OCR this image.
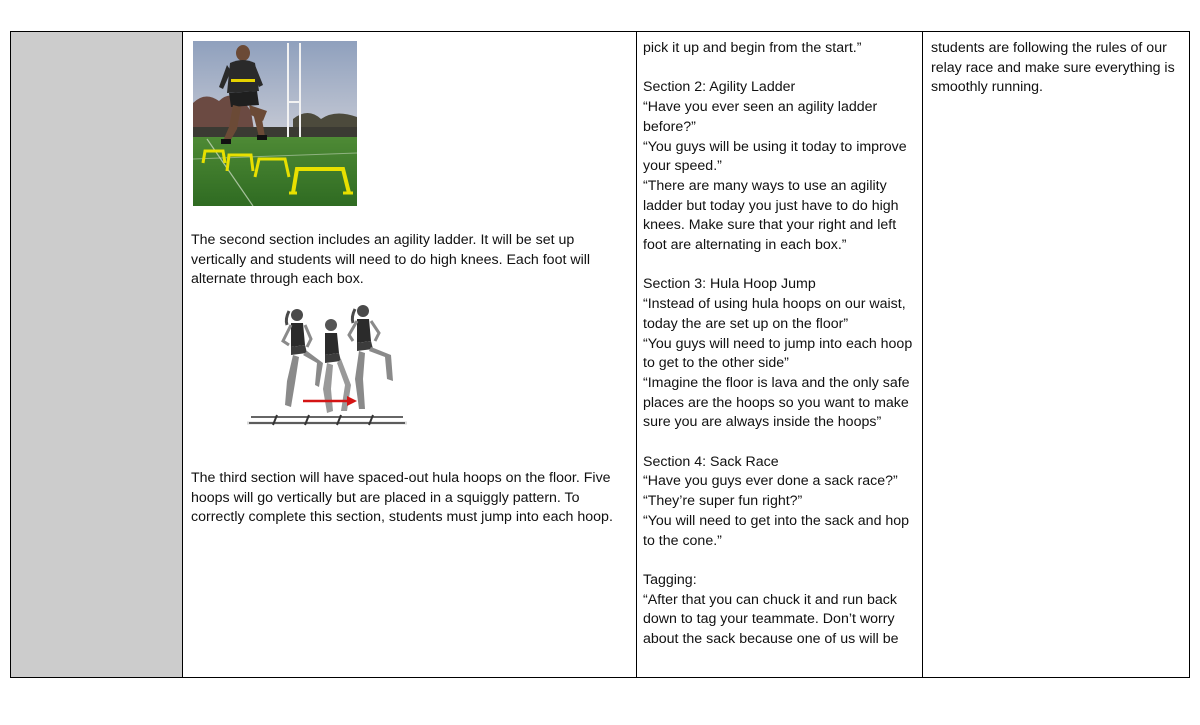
The second section includes an agility ladder. It will be set up vertically and students will need to do high knees. Each foot will alternate through each box.
The third section will have spaced-out hula hoops on the floor. Five hoops will go vertically but are placed in a squiggly pattern. To correctly complete this section, students must jump into each hoop.
pick it up and begin from the start.”

Section 2: Agility Ladder
“Have you ever seen an agility ladder before?”
“You guys will be using it today to improve your speed.”
“There are many ways to use an agility ladder but today you just have to do high knees. Make sure that your right and left foot are alternating in each box.”

Section 3: Hula Hoop Jump
“Instead of using hula hoops on our waist, today the are set up on the floor”
“You guys will need to jump into each hoop to get to the other side”
“Imagine the floor is lava and the only safe places are the hoops so you want to make sure you are always inside the hoops”

Section 4: Sack Race
“Have you guys ever done a sack race?”
“They’re super fun right?”
“You will need to get into the sack and hop to the cone.”

Tagging:
“After that you can chuck it and run back down to tag your teammate. Don’t worry about the sack because one of us will be
students are following the rules of our relay race and make sure everything is smoothly running.
